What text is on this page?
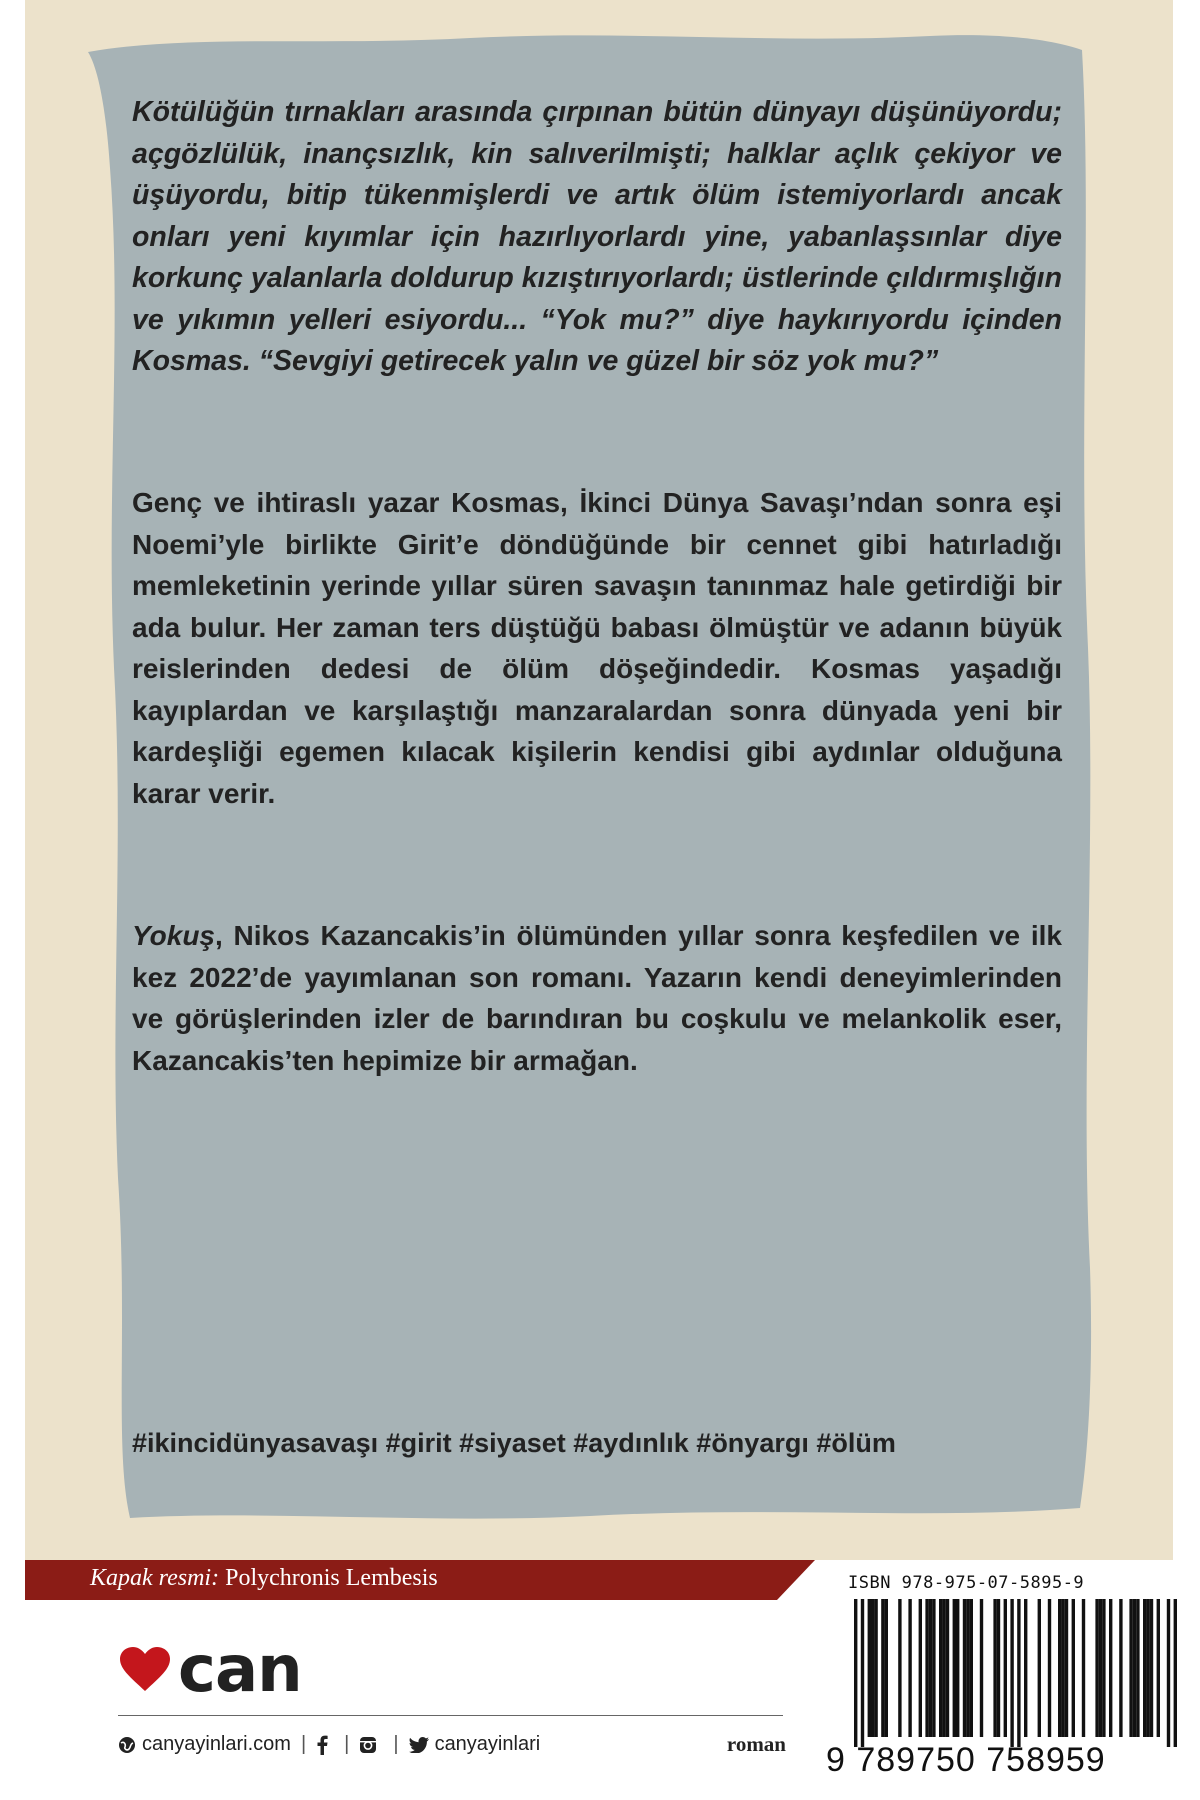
Kötülüğün tırnakları arasında çırpınan bütün dünyayı düşünüyordu; açgözlülük, inançsızlık, kin salıverilmişti; halklar açlık çekiyor ve üşüyordu, bitip tükenmişlerdi ve artık ölüm istemiyorlardı ancak onları yeni kıyımlar için hazırlıyorlardı yine, yabanlaşsınlar diye korkunç yalanlarla doldurup kızıştırıyorlardı; üstlerinde çıldırmışlığın ve yıkımın yelleri esiyordu... “Yok mu?” diye haykırıyordu içinden Kosmas. “Sevgiyi getirecek yalın ve güzel bir söz yok mu?”

Genç ve ihtiraslı yazar Kosmas, İkinci Dünya Savaşı’ndan sonra eşi Noemi’yle birlikte Girit’e döndüğünde bir cennet gibi hatırladığı memleketinin yerinde yıllar süren savaşın tanınmaz hale getirdiği bir ada bulur. Her zaman ters düştüğü babası ölmüştür ve adanın büyük reislerinden dedesi de ölüm döşeğindedir. Kosmas yaşadığı kayıplardan ve karşılaştığı manzaralardan sonra dünyada yeni bir kardeşliği egemen kılacak kişilerin kendisi gibi aydınlar olduğuna karar verir.

Yokuş, Nikos Kazancakis’in ölümünden yıllar sonra keşfedilen ve ilk kez 2022’de yayımlanan son romanı. Yazarın kendi deneyimlerinden ve görüşlerinden izler de barındıran bu coşkulu ve melankolik eser, Kazancakis’ten hepimize bir armağan.

#ikincidünyasavaşı #girit #siyaset #aydınlık #önyargı #ölüm
Kapak resmi: Polychronis Lembesis
can
canyayinlari.com | | | canyayinlari	roman
ISBN 978-975-07-5895-9
9 789750 758959
